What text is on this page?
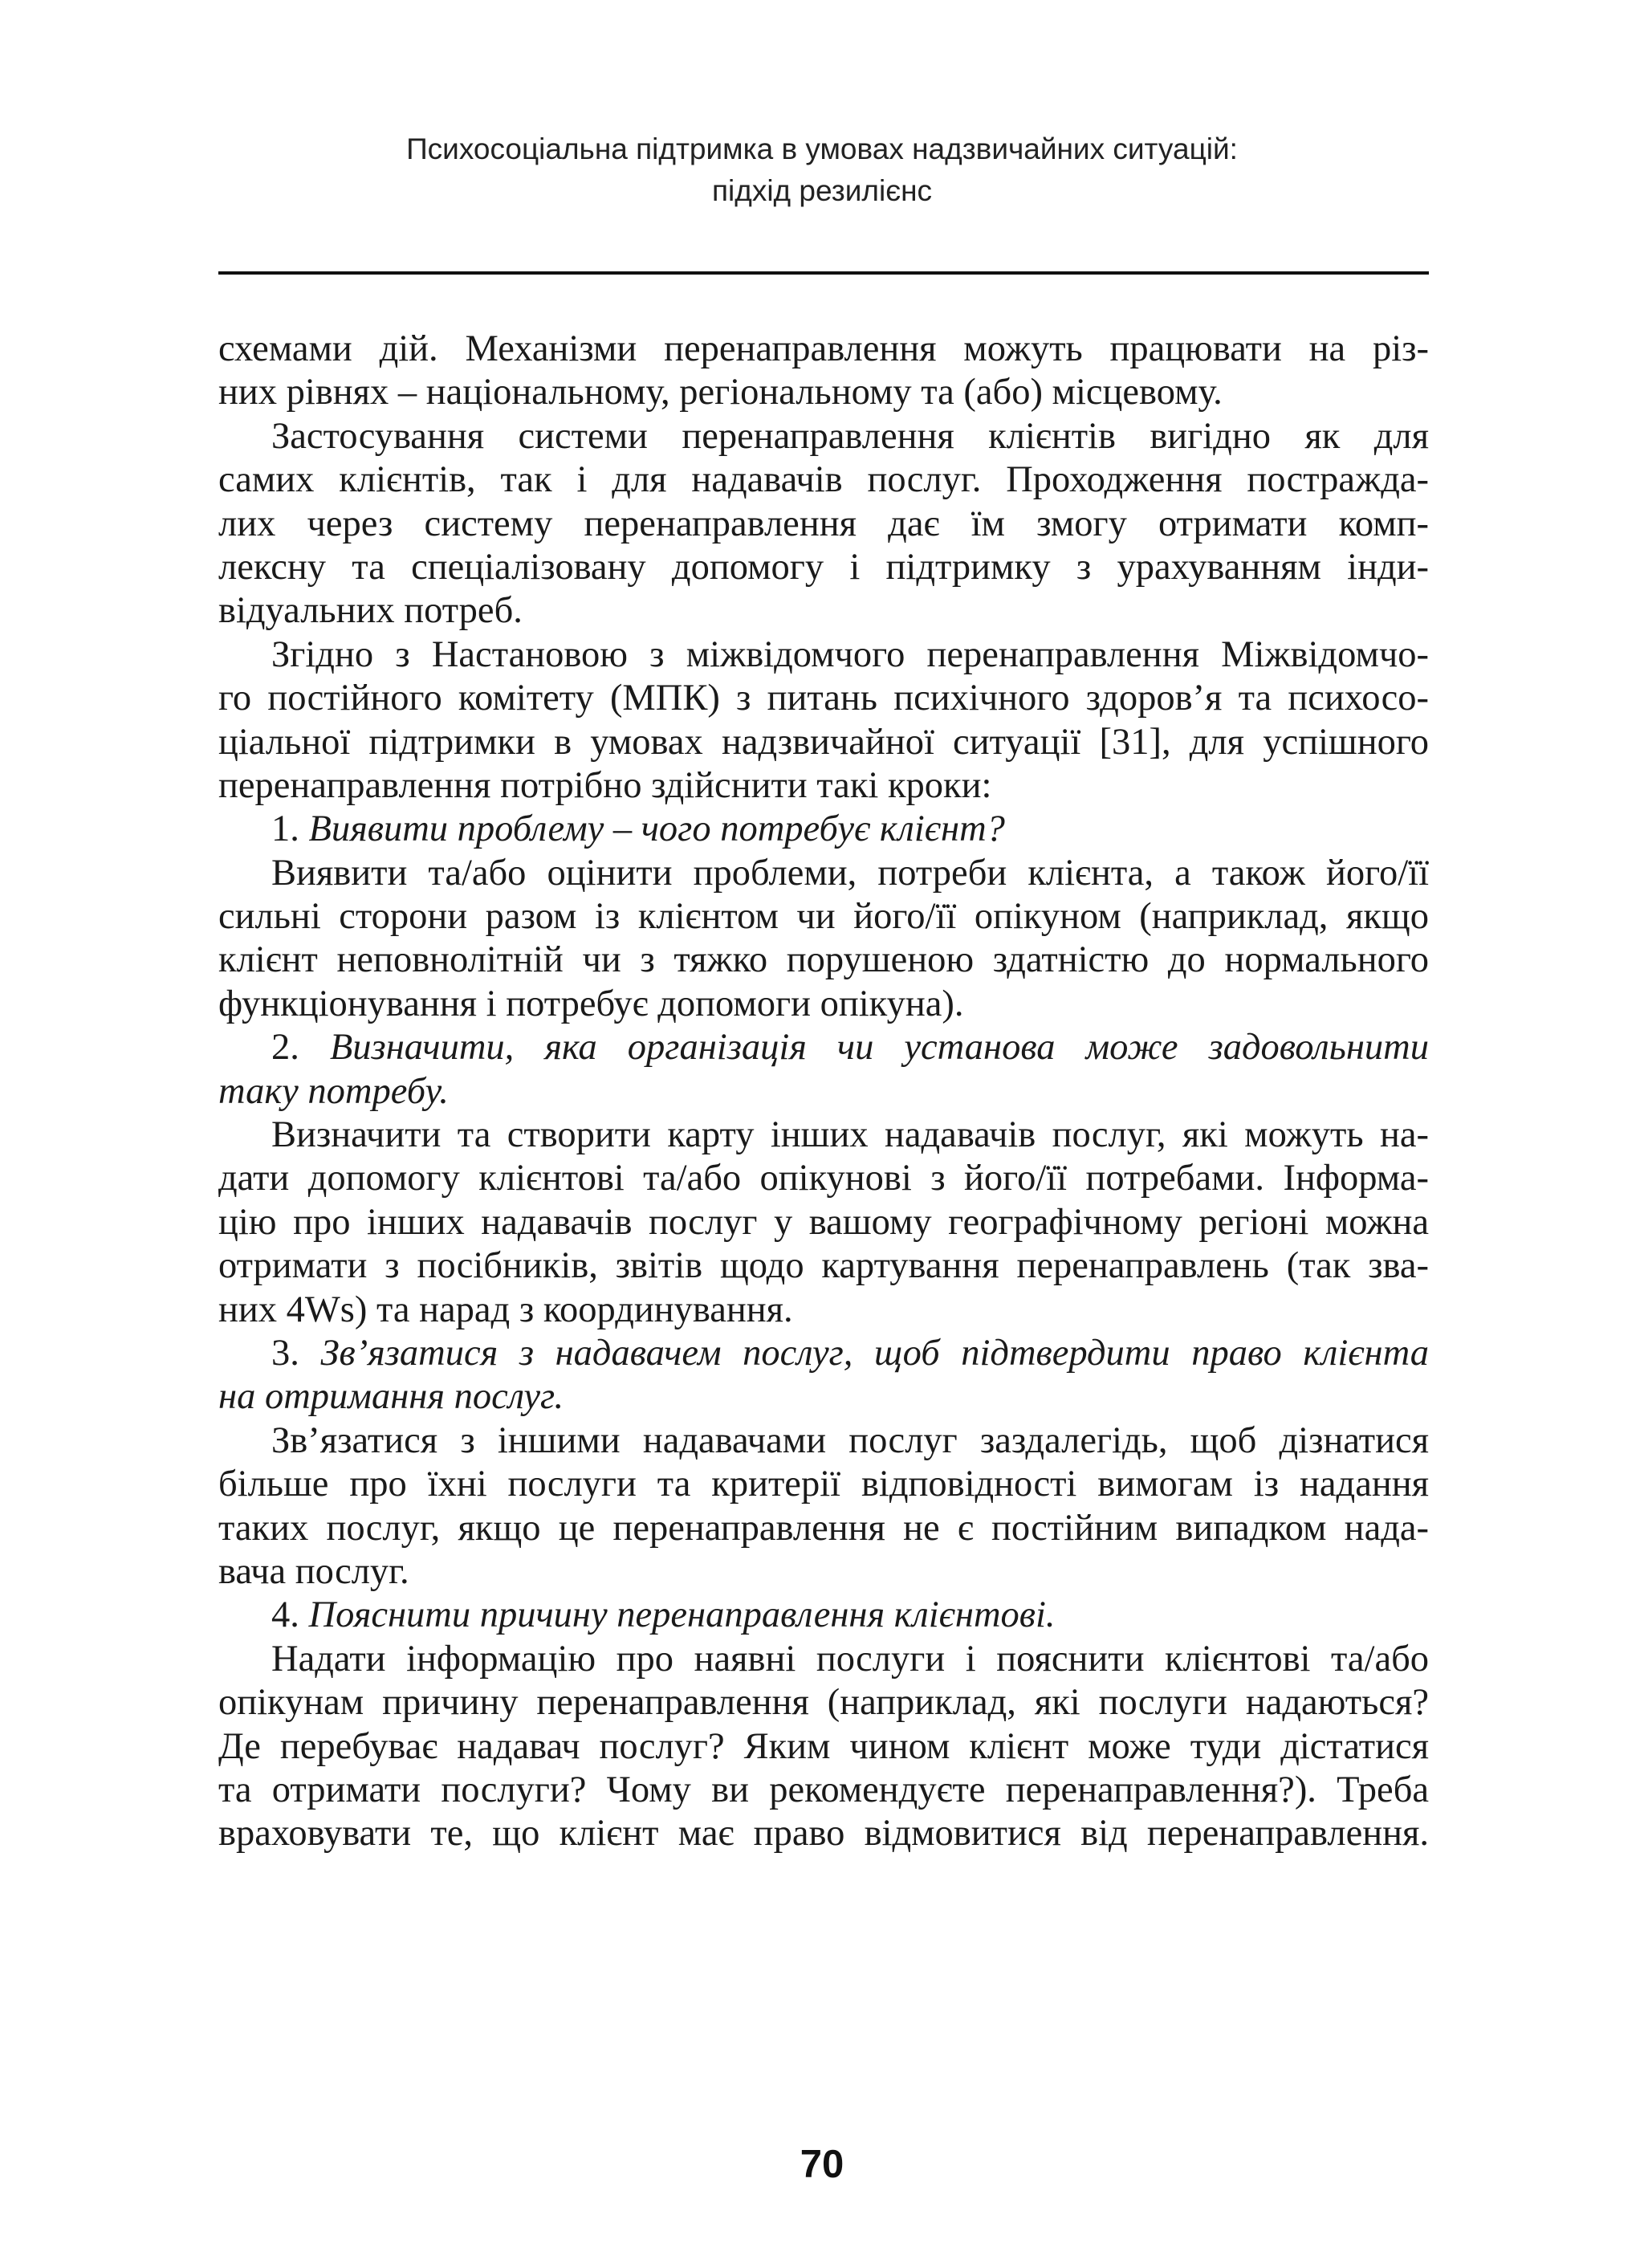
Психосоціальна підтримка в умовах надзвичайних ситуацій:
підхід резилієнс
схемами дій. Механізми перенаправлення можуть працювати на різ-
них рівнях – національному, регіональному та (або) місцевому.
Застосування системи перенаправлення клієнтів вигідно як для
самих клієнтів, так і для надавачів послуг. Проходження постражда-
лих через систему перенаправлення дає їм змогу отримати комп-
лексну та спеціалізовану допомогу і підтримку з урахуванням інди-
відуальних потреб.
Згідно з Настановою з міжвідомчого перенаправлення Міжвідомчо-
го постійного комітету (МПК) з питань психічного здоров’я та психосо-
ціальної підтримки в умовах надзвичайної ситуації [31], для успішного
перенаправлення потрібно здійснити такі кроки:
1. Виявити проблему – чого потребує клієнт?
Виявити та/або оцінити проблеми, потреби клієнта, а також його/її
сильні сторони разом із клієнтом чи його/її опікуном (наприклад, якщо
клієнт неповнолітній чи з тяжко порушеною здатністю до нормального
функціонування і потребує допомоги опікуна).
2. Визначити, яка організація чи установа може задовольнити
таку потребу.
Визначити та створити карту інших надавачів послуг, які можуть на-
дати допомогу клієнтові та/або опікунові з його/її потребами. Інформа-
цію про інших надавачів послуг у вашому географічному регіоні можна
отримати з посібників, звітів щодо картування перенаправлень (так зва-
них 4Ws) та нарад з координування.
3. Зв’язатися з надавачем послуг, щоб підтвердити право клієнта
на отримання послуг.
Зв’язатися з іншими надавачами послуг заздалегідь, щоб дізнатися
більше про їхні послуги та критерії відповідності вимогам із надання
таких послуг, якщо це перенаправлення не є постійним випадком нада-
вача послуг.
4. Пояснити причину перенаправлення клієнтові.
Надати інформацію про наявні послуги і пояснити клієнтові та/або
опікунам причину перенаправлення (наприклад, які послуги надаються?
Де перебуває надавач послуг? Яким чином клієнт може туди дістатися
та отримати послуги? Чому ви рекомендуєте перенаправлення?). Треба
враховувати те, що клієнт має право відмовитися від перенаправлення.
70
